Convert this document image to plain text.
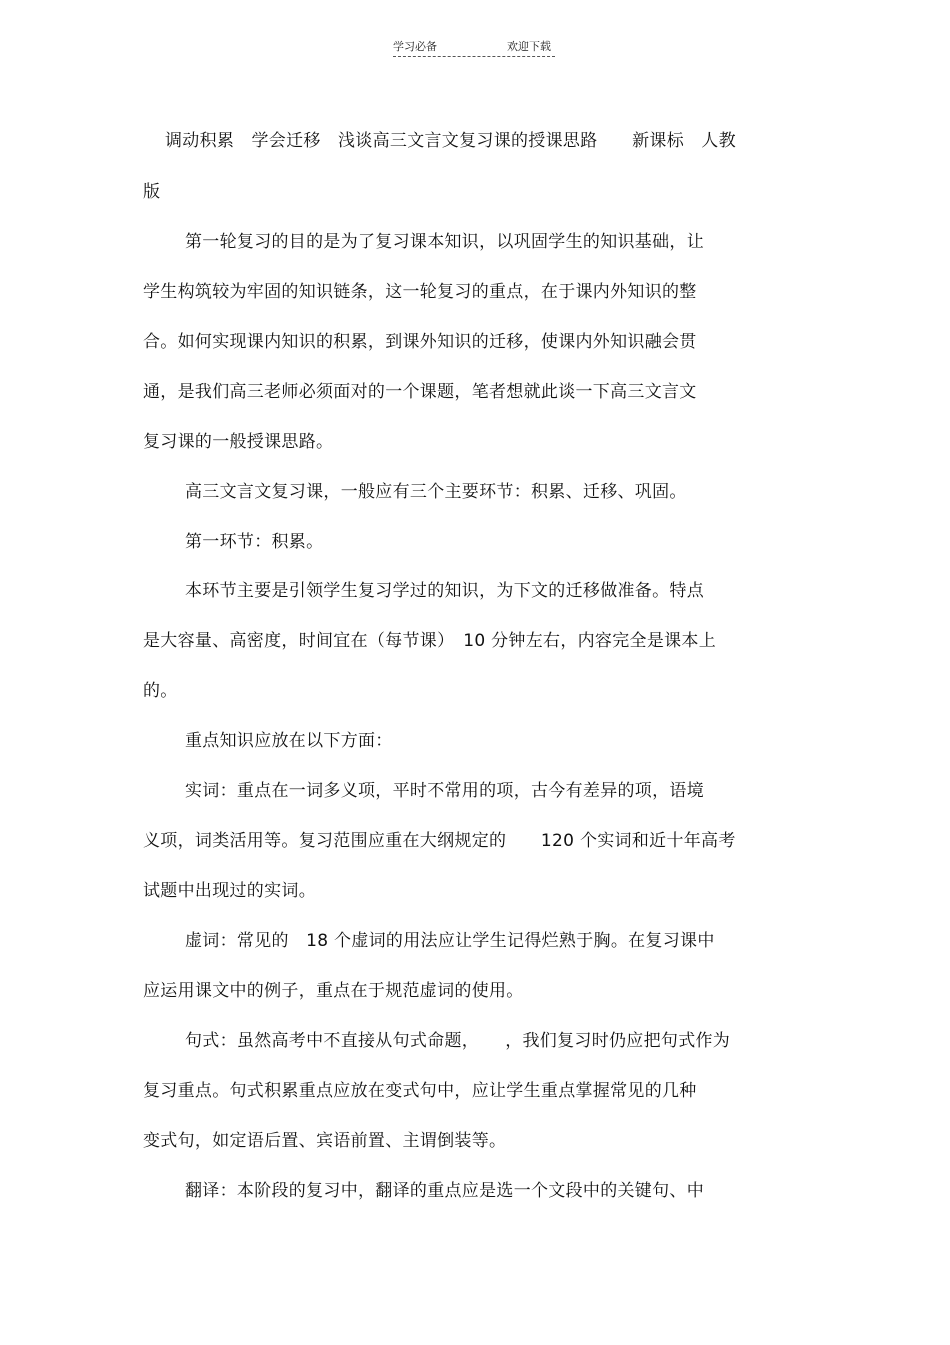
学习必备	欢迎下载
调动积累　学会迁移　浅谈高三文言文复习课的授课思路　　新课标　人教
版
第一轮复习的目的是为了复习课本知识，以巩固学生的知识基础，让
学生构筑较为牢固的知识链条，这一轮复习的重点，在于课内外知识的整
合。如何实现课内知识的积累，到课外知识的迁移，使课内外知识融会贯
通，是我们高三老师必须面对的一个课题，笔者想就此谈一下高三文言文
复习课的一般授课思路。
高三文言文复习课，一般应有三个主要环节：积累、迁移、巩固。
第一环节：积累。
本环节主要是引领学生复习学过的知识，为下文的迁移做准备。特点
是大容量、高密度，时间宜在（每节课）　10 分钟左右，内容完全是课本上
的。
重点知识应放在以下方面：
实词：重点在一词多义项，平时不常用的项，古今有差异的项，语境
义项，词类活用等。复习范围应重在大纲规定的　　120 个实词和近十年高考
试题中出现过的实词。
虚词：常见的　18 个虚词的用法应让学生记得烂熟于胸。在复习课中
应运用课文中的例子，重点在于规范虚词的使用。
句式：虽然高考中不直接从句式命题，　　，我们复习时仍应把句式作为
复习重点。句式积累重点应放在变式句中，应让学生重点掌握常见的几种
变式句，如定语后置、宾语前置、主谓倒装等。
翻译：本阶段的复习中，翻译的重点应是选一个文段中的关键句、中
